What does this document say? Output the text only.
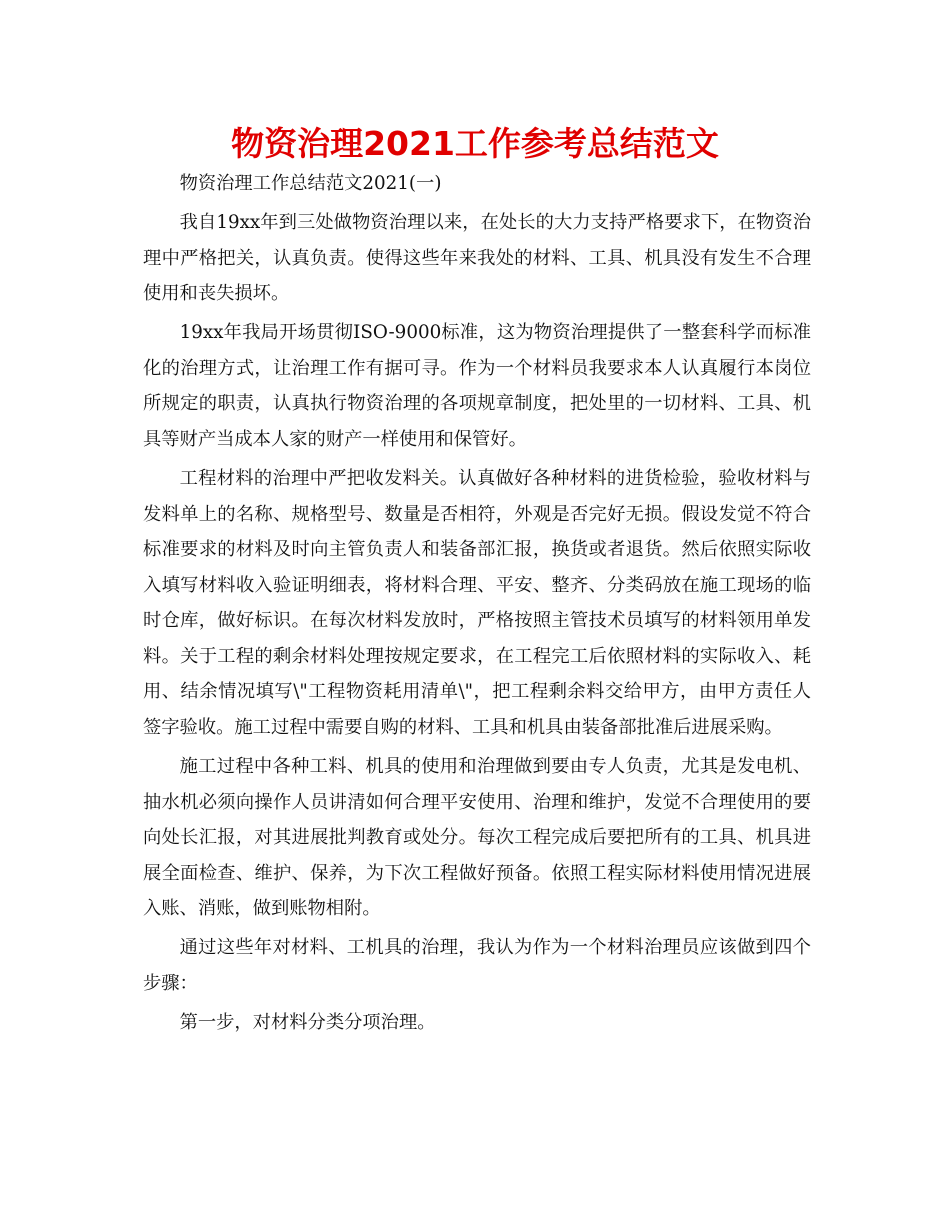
物资治理2021工作参考总结范文

物资治理工作总结范文2021(一)

我自19xx年到三处做物资治理以来，在处长的大力支持严格要求下，在物资治理中严格把关，认真负责。使得这些年来我处的材料、工具、机具没有发生不合理使用和丧失损坏。

19xx年我局开场贯彻ISO-9000标准，这为物资治理提供了一整套科学而标准化的治理方式，让治理工作有据可寻。作为一个材料员我要求本人认真履行本岗位所规定的职责，认真执行物资治理的各项规章制度，把处里的一切材料、工具、机具等财产当成本人家的财产一样使用和保管好。

工程材料的治理中严把收发料关。认真做好各种材料的进货检验，验收材料与发料单上的名称、规格型号、数量是否相符，外观是否完好无损。假设发觉不符合标准要求的材料及时向主管负责人和装备部汇报，换货或者退货。然后依照实际收入填写材料收入验证明细表，将材料合理、平安、整齐、分类码放在施工现场的临时仓库，做好标识。在每次材料发放时，严格按照主管技术员填写的材料领用单发料。关于工程的剩余材料处理按规定要求，在工程完工后依照材料的实际收入、耗用、结余情况填写\"工程物资耗用清单\"，把工程剩余料交给甲方，由甲方责任人签字验收。施工过程中需要自购的材料、工具和机具由装备部批准后进展采购。

施工过程中各种工料、机具的使用和治理做到要由专人负责，尤其是发电机、抽水机必须向操作人员讲清如何合理平安使用、治理和维护，发觉不合理使用的要向处长汇报，对其进展批判教育或处分。每次工程完成后要把所有的工具、机具进展全面检查、维护、保养，为下次工程做好预备。依照工程实际材料使用情况进展入账、消账，做到账物相附。

通过这些年对材料、工机具的治理，我认为作为一个材料治理员应该做到四个步骤：

第一步，对材料分类分项治理。
